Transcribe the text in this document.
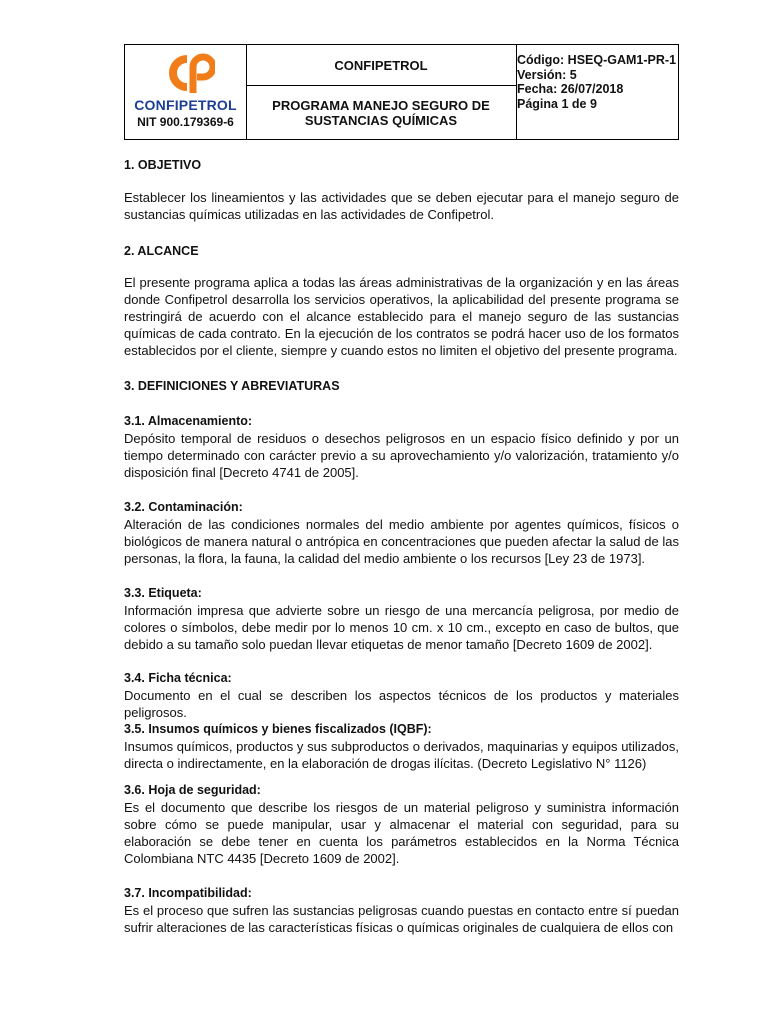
CONFIPETROL
NIT 900.179369-6
CONFIPETROL
PROGRAMA MANEJO SEGURO DE SUSTANCIAS QUÍMICAS
Código: HSEQ-GAM1-PR-1
Versión: 5
Fecha: 26/07/2018
Página 1 de 9
1. OBJETIVO
Establecer los lineamientos y las actividades que se deben ejecutar para el manejo seguro de sustancias químicas utilizadas en las actividades de Confipetrol.
2. ALCANCE
El presente programa aplica a todas las áreas administrativas de la organización y en las áreas donde Confipetrol desarrolla los servicios operativos, la aplicabilidad del presente programa se restringirá de acuerdo con el alcance establecido para el manejo seguro de las sustancias químicas de cada contrato. En la ejecución de los contratos se podrá hacer uso de los formatos establecidos por el cliente, siempre y cuando estos no limiten el objetivo del presente programa.
3. DEFINICIONES Y ABREVIATURAS
3.1. Almacenamiento:
Depósito temporal de residuos o desechos peligrosos en un espacio físico definido y por un tiempo determinado con carácter previo a su aprovechamiento y/o valorización, tratamiento y/o disposición final [Decreto 4741 de 2005].
3.2. Contaminación:
Alteración de las condiciones normales del medio ambiente por agentes químicos, físicos o biológicos de manera natural o antrópica en concentraciones que pueden afectar la salud de las personas, la flora, la fauna, la calidad del medio ambiente o los recursos [Ley 23 de 1973].
3.3. Etiqueta:
Información impresa que advierte sobre un riesgo de una mercancía peligrosa, por medio de colores o símbolos, debe medir por lo menos 10 cm. x 10 cm., excepto en caso de bultos, que debido a su tamaño solo puedan llevar etiquetas de menor tamaño [Decreto 1609 de 2002].
3.4. Ficha técnica:
Documento en el cual se describen los aspectos técnicos de los productos y materiales peligrosos.
3.5. Insumos químicos y bienes fiscalizados (IQBF):
Insumos químicos, productos y sus subproductos o derivados, maquinarias y equipos utilizados, directa o indirectamente, en la elaboración de drogas ilícitas. (Decreto Legislativo N° 1126)
3.6. Hoja de seguridad:
Es el documento que describe los riesgos de un material peligroso y suministra información sobre cómo se puede manipular, usar y almacenar el material con seguridad, para su elaboración se debe tener en cuenta los parámetros establecidos en la Norma Técnica Colombiana NTC 4435 [Decreto 1609 de 2002].
3.7. Incompatibilidad:
Es el proceso que sufren las sustancias peligrosas cuando puestas en contacto entre sí puedan sufrir alteraciones de las características físicas o químicas originales de cualquiera de ellos con
